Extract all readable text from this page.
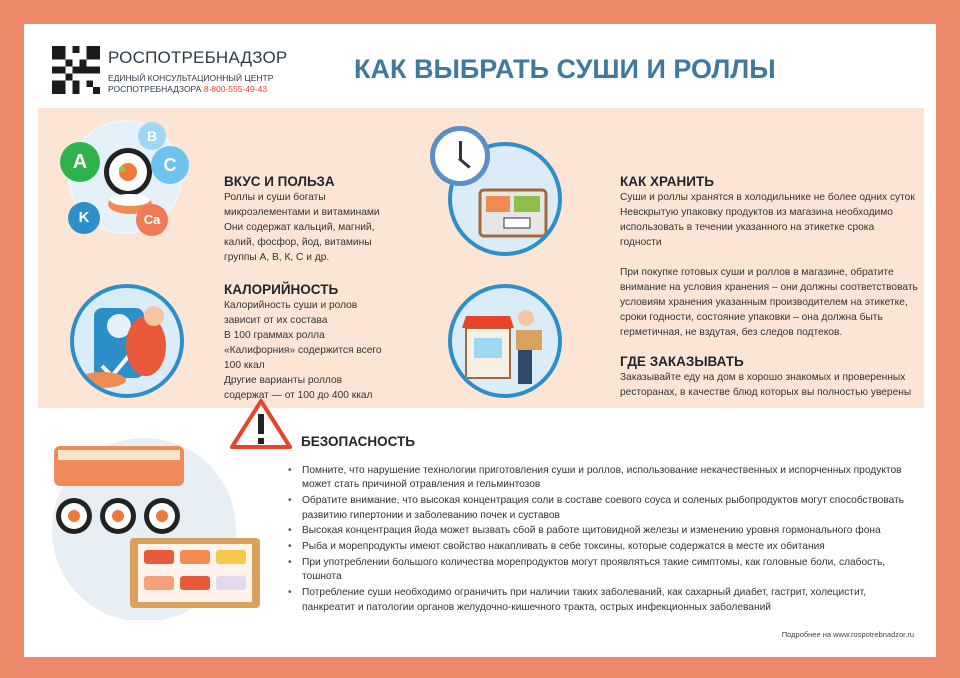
РОСПОТРЕБНАДЗОР
ЕДИНЫЙ КОНСУЛЬТАЦИОННЫЙ ЦЕНТР
РОСПОТРЕБНАДЗОРА 8-800-555-49-43
КАК ВЫБРАТЬ СУШИ И РОЛЛЫ
A
B
C
K	Ca
ВКУС И ПОЛЬЗА
Роллы и суши богаты
микроэлементами и витаминами
Они содержат кальций, магний,
калий, фосфор, йод, витамины
группы А, В, К, С и др.
КАЛОРИЙНОСТЬ
Калорийность суши и ролов
зависит от их состава
В 100 граммах ролла
«Калифорния» содержится всего
100 ккал
Другие варианты роллов
содержат — от 100 до 400 ккал
КАК ХРАНИТЬ
Суши и роллы хранятся в холодильнике не более одних суток
Невскрытую упаковку продуктов из магазина необходимо
использовать в течении указанного на этикетке срока
годности
При покупке готовых суши и роллов в магазине, обратите
внимание на условия хранения – они должны соответствовать
условиям хранения указанным производителем на этикетке,
сроки годности, состояние упаковки – она должна быть
герметичная, не вздутая, без следов подтеков.
ГДЕ ЗАКАЗЫВАТЬ
Заказывайте еду на дом в хорошо знакомых и проверенных
ресторанах, в качестве блюд которых вы полностью уверены
БЕЗОПАСНОСТЬ
• Помните, что нарушение технологии приготовления суши и роллов, использование некачественных и испорченных продуктов
может стать причиной отравления и гельминтозов
• Обратите внимание, что высокая концентрация соли в составе соевого соуса и соленых рыбопродуктов могут способствовать
развитию гипертонии и заболеванию почек и суставов
• Высокая концентрация йода может вызвать сбой в работе щитовидной железы и изменению уровня гормонального фона
• Рыба и морепродукты имеют свойство накапливать в себе токсины, которые содержатся в месте их обитания
• При употреблении большого количества морепродуктов могут проявляться такие симптомы, как головные боли, слабость,
тошнота
• Потребление суши необходимо ограничить при наличии таких заболеваний, как сахарный диабет, гастрит, холецистит,
панкреатит и патологии органов желудочно-кишечного тракта, острых инфекционных заболеваний
Подробнее на www.rospotrebnadzor.ru
